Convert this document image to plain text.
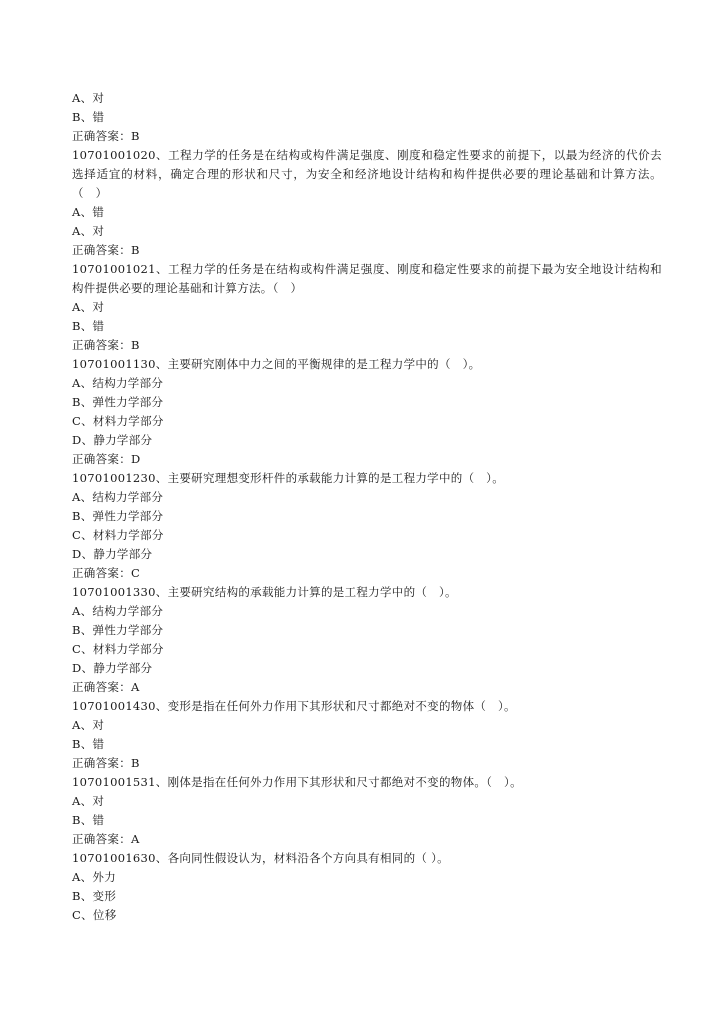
A、对
B、错
正确答案：B
10701001020、工程力学的任务是在结构或构件满足强度、刚度和稳定性要求的前提下，以最为经济的代价去选择适宜的材料，确定合理的形状和尺寸，为安全和经济地设计结构和构件提供必要的理论基础和计算方法。（　）
A、错
A、对
正确答案：B
10701001021、工程力学的任务是在结构或构件满足强度、刚度和稳定性要求的前提下最为安全地设计结构和构件提供必要的理论基础和计算方法。（　）
A、对
B、错
正确答案：B
10701001130、主要研究刚体中力之间的平衡规律的是工程力学中的（　）。
A、结构力学部分
B、弹性力学部分
C、材料力学部分
D、静力学部分
正确答案：D
10701001230、主要研究理想变形杆件的承载能力计算的是工程力学中的（　）。
A、结构力学部分
B、弹性力学部分
C、材料力学部分
D、静力学部分
正确答案：C
10701001330、主要研究结构的承载能力计算的是工程力学中的（　）。
A、结构力学部分
B、弹性力学部分
C、材料力学部分
D、静力学部分
正确答案：A
10701001430、变形是指在任何外力作用下其形状和尺寸都绝对不变的物体（　）。
A、对
B、错
正确答案：B
10701001531、刚体是指在任何外力作用下其形状和尺寸都绝对不变的物体。（　）。
A、对
B、错
正确答案：A
10701001630、各向同性假设认为，材料沿各个方向具有相同的（ ）。
A、外力
B、变形
C、位移
